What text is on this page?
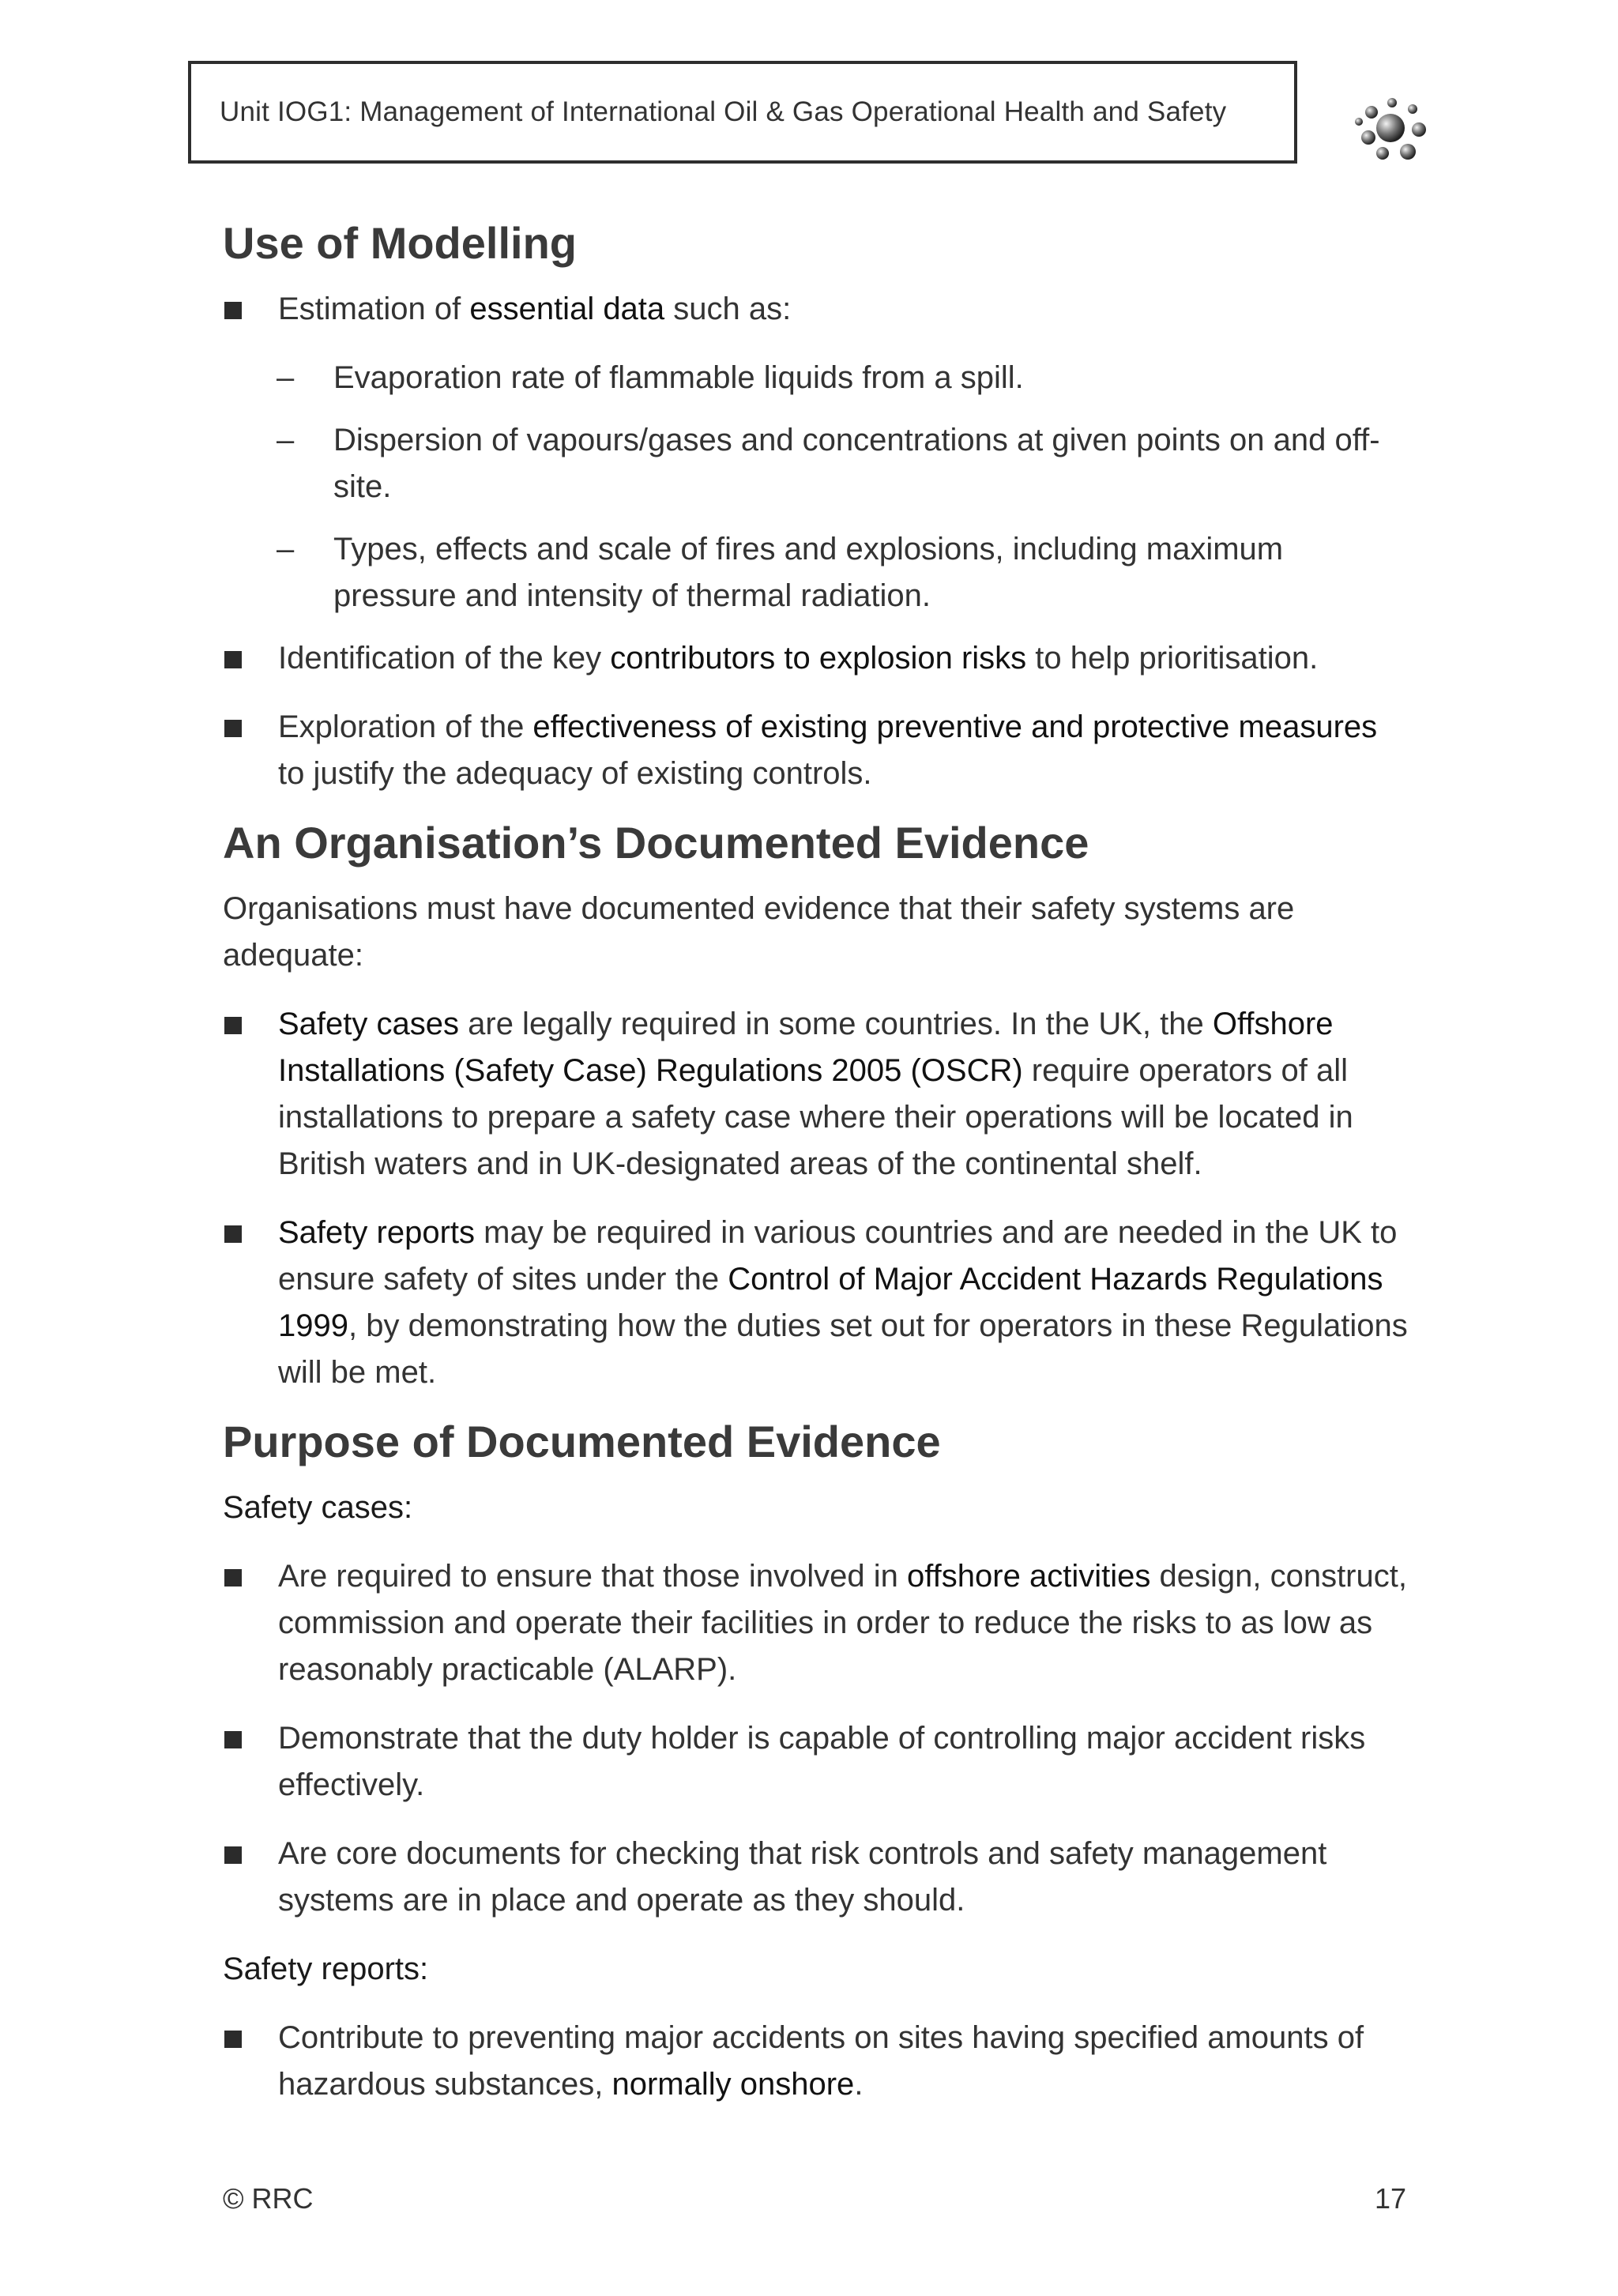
Unit IOG1: Management of International Oil & Gas Operational Health and Safety
Use of Modelling
Estimation of essential data such as:
– Evaporation rate of flammable liquids from a spill.
– Dispersion of vapours/gases and concentrations at given points on and off-site.
– Types, effects and scale of fires and explosions, including maximum pressure and intensity of thermal radiation.
Identification of the key contributors to explosion risks to help prioritisation.
Exploration of the effectiveness of existing preventive and protective measures to justify the adequacy of existing controls.
An Organisation’s Documented Evidence

Organisations must have documented evidence that their safety systems are adequate:

Safety cases are legally required in some countries. In the UK, the Offshore Installations (Safety Case) Regulations 2005 (OSCR) require operators of all installations to prepare a safety case where their operations will be located in British waters and in UK-designated areas of the continental shelf.
Safety reports may be required in various countries and are needed in the UK to ensure safety of sites under the Control of Major Accident Hazards Regulations 1999, by demonstrating how the duties set out for operators in these Regulations will be met.
Purpose of Documented Evidence

Safety cases:

Are required to ensure that those involved in offshore activities design, construct, commission and operate their facilities in order to reduce the risks to as low as reasonably practicable (ALARP).
Demonstrate that the duty holder is capable of controlling major accident risks effectively.
Are core documents for checking that risk controls and safety management systems are in place and operate as they should.

Safety reports:

Contribute to preventing major accidents on sites having specified amounts of hazardous substances, normally onshore.
© RRC	17
